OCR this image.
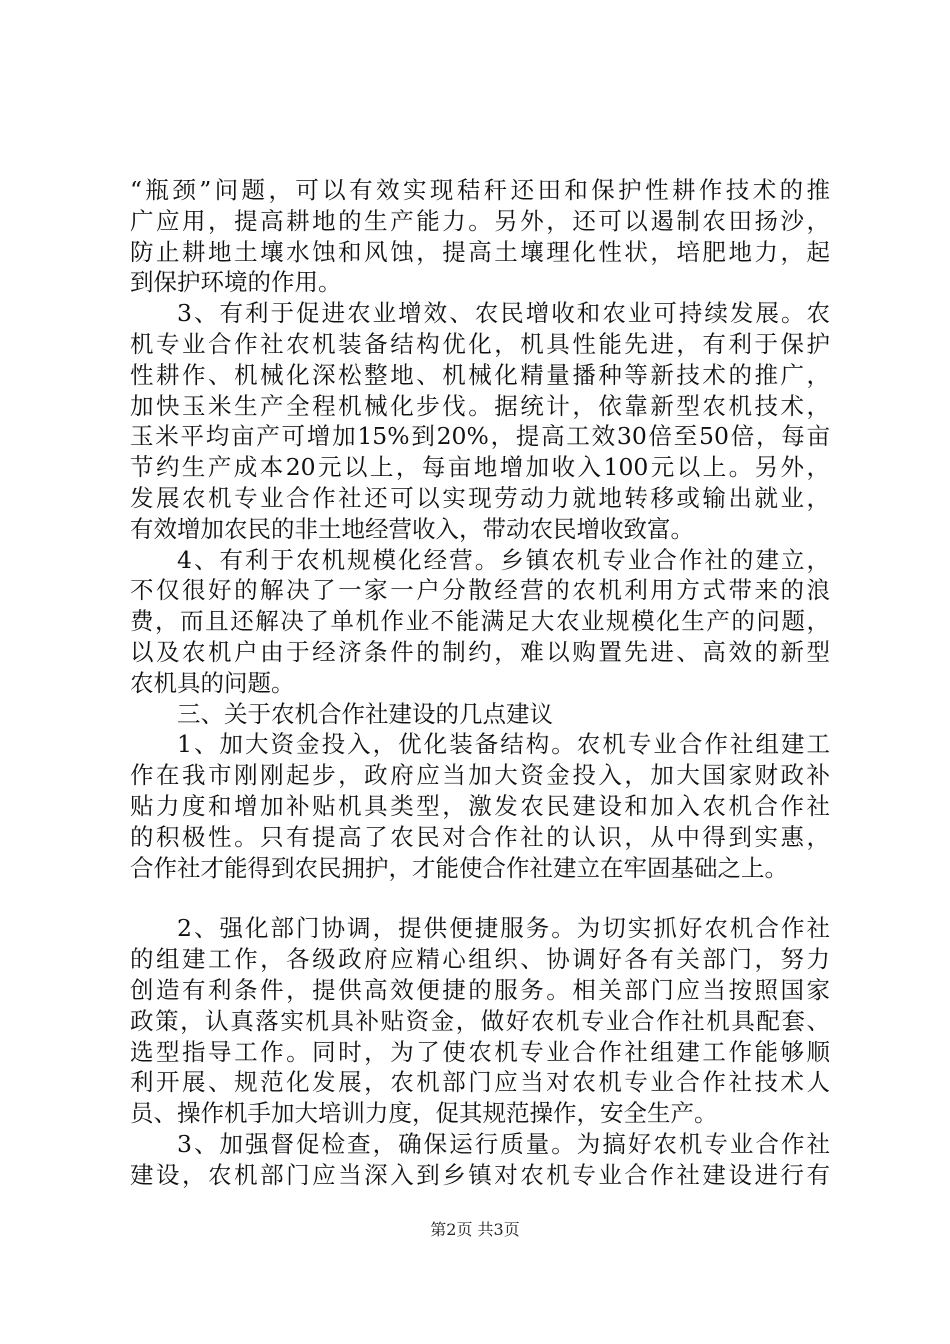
“瓶颈”问题，可以有效实现秸秆还田和保护性耕作技术的推
广应用，提高耕地的生产能力。另外，还可以遏制农田扬沙，
防止耕地土壤水蚀和风蚀，提高土壤理化性状，培肥地力，起
到保护环境的作用。
3、有利于促进农业增效、农民增收和农业可持续发展。农
机专业合作社农机装备结构优化，机具性能先进，有利于保护
性耕作、机械化深松整地、机械化精量播种等新技术的推广，
加快玉米生产全程机械化步伐。据统计，依靠新型农机技术，
玉米平均亩产可增加15%到20%，提高工效30倍至50倍，每亩
节约生产成本20元以上，每亩地增加收入100元以上。另外，
发展农机专业合作社还可以实现劳动力就地转移或输出就业，
有效增加农民的非土地经营收入，带动农民增收致富。
4、有利于农机规模化经营。乡镇农机专业合作社的建立，
不仅很好的解决了一家一户分散经营的农机利用方式带来的浪
费，而且还解决了单机作业不能满足大农业规模化生产的问题，
以及农机户由于经济条件的制约，难以购置先进、高效的新型
农机具的问题。
三、关于农机合作社建设的几点建议
1、加大资金投入，优化装备结构。农机专业合作社组建工
作在我市刚刚起步，政府应当加大资金投入，加大国家财政补
贴力度和增加补贴机具类型，激发农民建设和加入农机合作社
的积极性。只有提高了农民对合作社的认识，从中得到实惠，
合作社才能得到农民拥护，才能使合作社建立在牢固基础之上。
2、强化部门协调，提供便捷服务。为切实抓好农机合作社
的组建工作，各级政府应精心组织、协调好各有关部门，努力
创造有利条件，提供高效便捷的服务。相关部门应当按照国家
政策，认真落实机具补贴资金，做好农机专业合作社机具配套、
选型指导工作。同时，为了使农机专业合作社组建工作能够顺
利开展、规范化发展，农机部门应当对农机专业合作社技术人
员、操作机手加大培训力度，促其规范操作，安全生产。
3、加强督促检查，确保运行质量。为搞好农机专业合作社
建设，农机部门应当深入到乡镇对农机专业合作社建设进行有
第2页 共3页
